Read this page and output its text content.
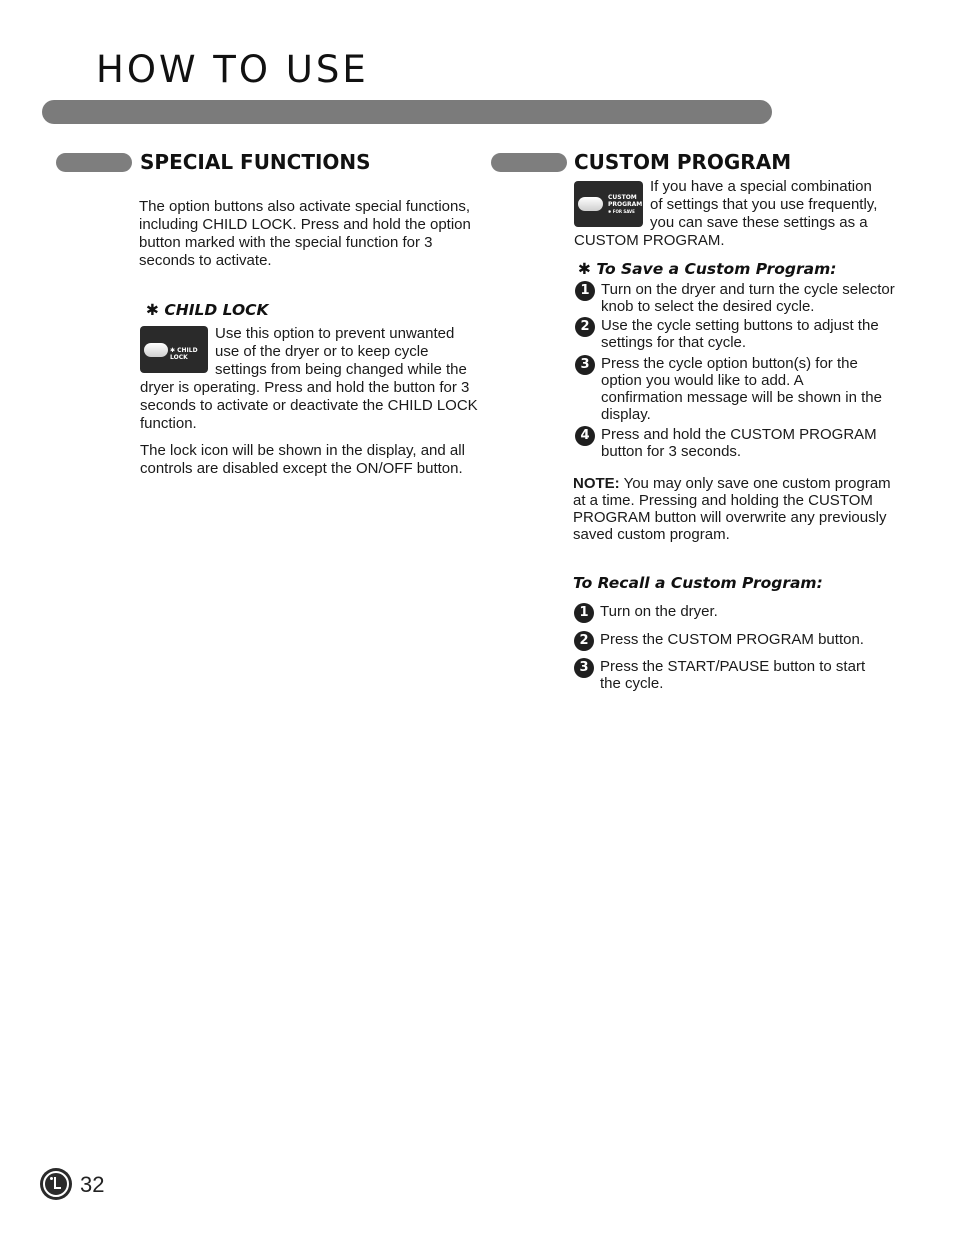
HOW TO USE
SPECIAL FUNCTIONS

The option buttons also activate special functions, including CHILD LOCK. Press and hold the option button marked with the special function for 3 seconds to activate.

✱ CHILD LOCK
✱ CHILD LOCK
Use this option to prevent unwanted
use of the dryer or to keep cycle
settings from being changed while the

dryer is operating. Press and hold the button for 3 seconds to activate or deactivate the CHILD LOCK function.

The lock icon will be shown in the display, and all controls are disabled except the ON/OFF button.

CUSTOM PROGRAM
CUSTOM
PROGRAM
✱ FOR SAVE
If you have a special combination
of settings that you use frequently,
you can save these settings as a

CUSTOM PROGRAM.

✱ To Save a Custom Program:
1 Turn on the dryer and turn the cycle selector knob to select the desired cycle.
2 Use the cycle setting buttons to adjust the settings for that cycle.
3 Press the cycle option button(s) for the option you would like to add. A confirmation message will be shown in the display.
4 Press and hold the CUSTOM PROGRAM button for 3 seconds.

NOTE: You may only save one custom program at a time. Pressing and holding the CUSTOM PROGRAM button will overwrite any previously saved custom program.

To Recall a Custom Program:
1 Turn on the dryer.
2 Press the CUSTOM PROGRAM button.
3 Press the START/PAUSE button to start the cycle.
32
